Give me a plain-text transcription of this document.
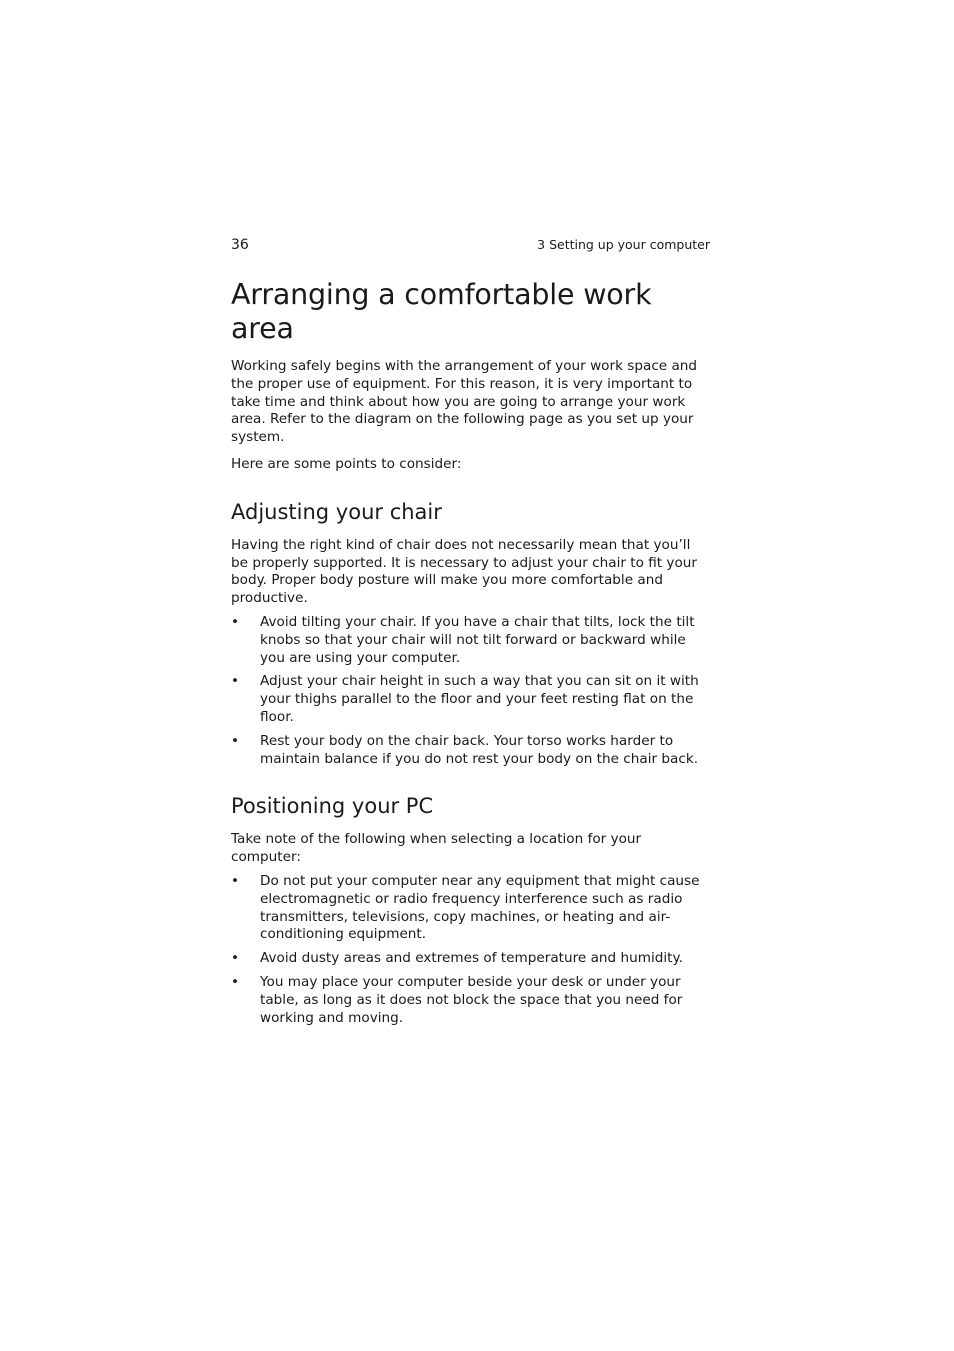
36	3 Setting up your computer
Arranging a comfortable work area

Working safely begins with the arrangement of your work space and the proper use of equipment. For this reason, it is very important to take time and think about how you are going to arrange your work area. Refer to the diagram on the following page as you set up your system.

Here are some points to consider:

Adjusting your chair

Having the right kind of chair does not necessarily mean that you’ll be properly supported. It is necessary to adjust your chair to fit your body. Proper body posture will make you more comfortable and productive.

• Avoid tilting your chair. If you have a chair that tilts, lock the tilt knobs so that your chair will not tilt forward or backward while you are using your computer.
• Adjust your chair height in such a way that you can sit on it with your thighs parallel to the floor and your feet resting flat on the floor.
• Rest your body on the chair back. Your torso works harder to maintain balance if you do not rest your body on the chair back.
Positioning your PC

Take note of the following when selecting a location for your computer:

• Do not put your computer near any equipment that might cause electromagnetic or radio frequency interference such as radio transmitters, televisions, copy machines, or heating and air-conditioning equipment.
• Avoid dusty areas and extremes of temperature and humidity.
• You may place your computer beside your desk or under your table, as long as it does not block the space that you need for working and moving.
